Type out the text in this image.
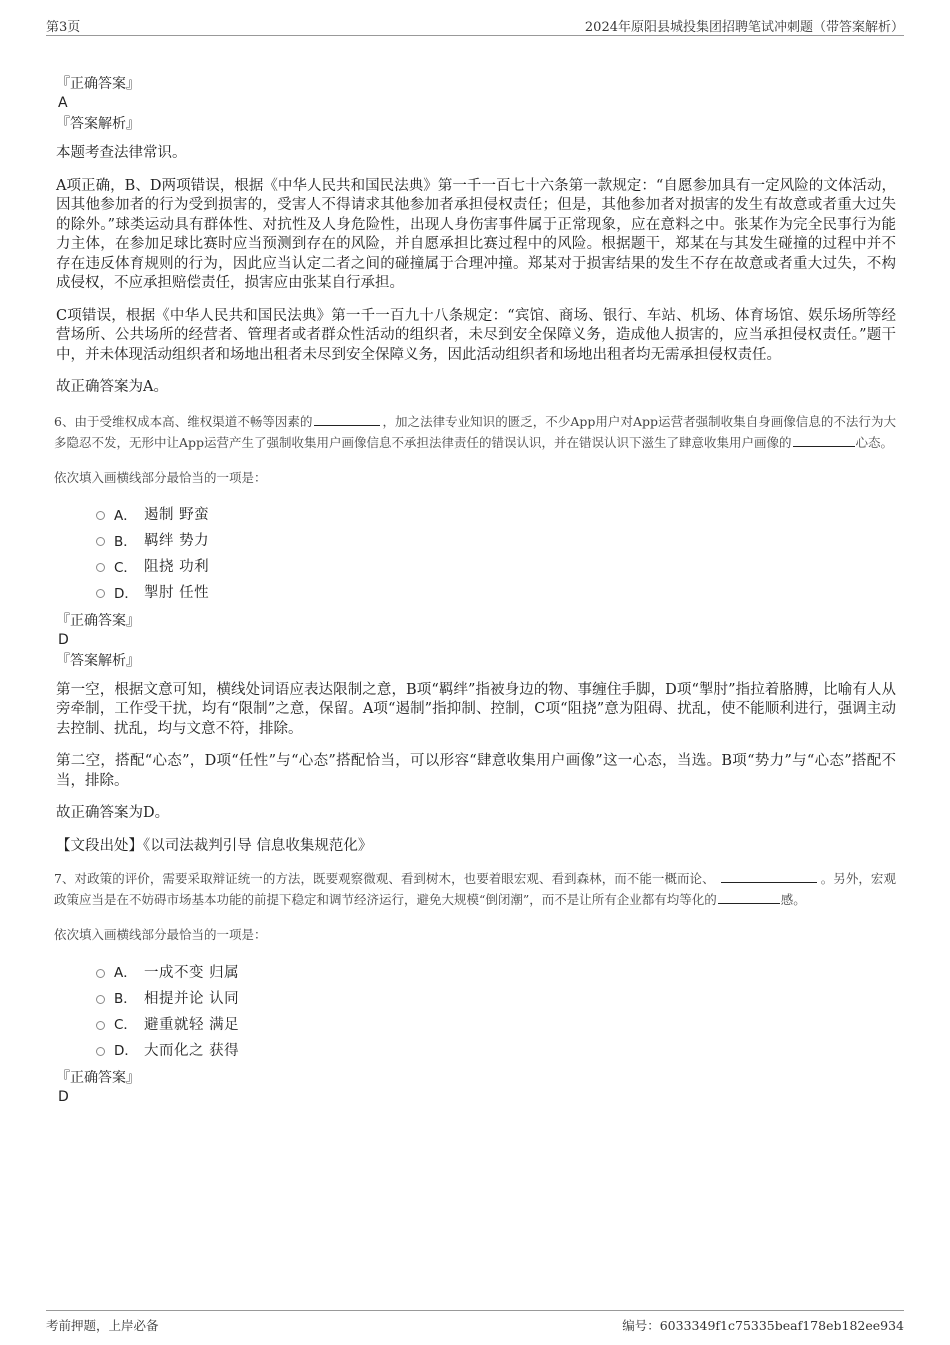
第3页	2024年原阳县城投集团招聘笔试冲刺题（带答案解析）
『正确答案』
A
『答案解析』
本题考查法律常识。
A项正确，B、D两项错误，根据《中华人民共和国民法典》第一千一百七十六条第一款规定：“自愿参加具有一定风险的文体活动，因其他参加者的行为受到损害的，受害人不得请求其他参加者承担侵权责任；但是，其他参加者对损害的发生有故意或者重大过失的除外。”球类运动具有群体性、对抗性及人身危险性，出现人身伤害事件属于正常现象，应在意料之中。张某作为完全民事行为能力主体，在参加足球比赛时应当预测到存在的风险，并自愿承担比赛过程中的风险。根据题干，郑某在与其发生碰撞的过程中并不存在违反体育规则的行为，因此应当认定二者之间的碰撞属于合理冲撞。郑某对于损害结果的发生不存在故意或者重大过失，不构成侵权，不应承担赔偿责任，损害应由张某自行承担。
C项错误，根据《中华人民共和国民法典》第一千一百九十八条规定：“宾馆、商场、银行、车站、机场、体育场馆、娱乐场所等经营场所、公共场所的经营者、管理者或者群众性活动的组织者，未尽到安全保障义务，造成他人损害的，应当承担侵权责任。”题干中，并未体现活动组织者和场地出租者未尽到安全保障义务，因此活动组织者和场地出租者均无需承担侵权责任。
故正确答案为A。
6、由于受维权成本高、维权渠道不畅等因素的	，加之法律专业知识的匮乏，不少App用户对App运营者强制收集自身画像信息的不法行为大多隐忍不发，无形中让App运营产生了强制收集用户画像信息不承担法律责任的错误认识，并在错误认识下滋生了肆意收集用户画像的	心态。
依次填入画横线部分最恰当的一项是：
A． 遏制 野蛮
B． 羁绊 势力
C． 阻挠 功利
D． 掣肘 任性
『正确答案』
D
『答案解析』
第一空，根据文意可知，横线处词语应表达限制之意，B项“羁绊”指被身边的物、事缠住手脚，D项“掣肘”指拉着胳膊，比喻有人从旁牵制，工作受干扰，均有“限制”之意，保留。A项“遏制”指抑制、控制，C项“阻挠”意为阻碍、扰乱，使不能顺利进行，强调主动去控制、扰乱，均与文意不符，排除。
第二空，搭配“心态”，D项“任性”与“心态”搭配恰当，可以形容“肆意收集用户画像”这一心态，当选。B项“势力”与“心态”搭配不当，排除。
故正确答案为D。
【文段出处】《以司法裁判引导 信息收集规范化》
7、对政策的评价，需要采取辩证统一的方法，既要观察微观、看到树木，也要着眼宏观、看到森林，而不能一概而论、	。另外，宏观政策应当是在不妨碍市场基本功能的前提下稳定和调节经济运行，避免大规模“倒闭潮”，而不是让所有企业都有均等化的	感。
依次填入画横线部分最恰当的一项是：
A． 一成不变 归属
B． 相提并论 认同
C． 避重就轻 满足
D． 大而化之 获得
『正确答案』
D
考前押题，上岸必备	编号：6033349f1c75335beaf178eb182ee934
